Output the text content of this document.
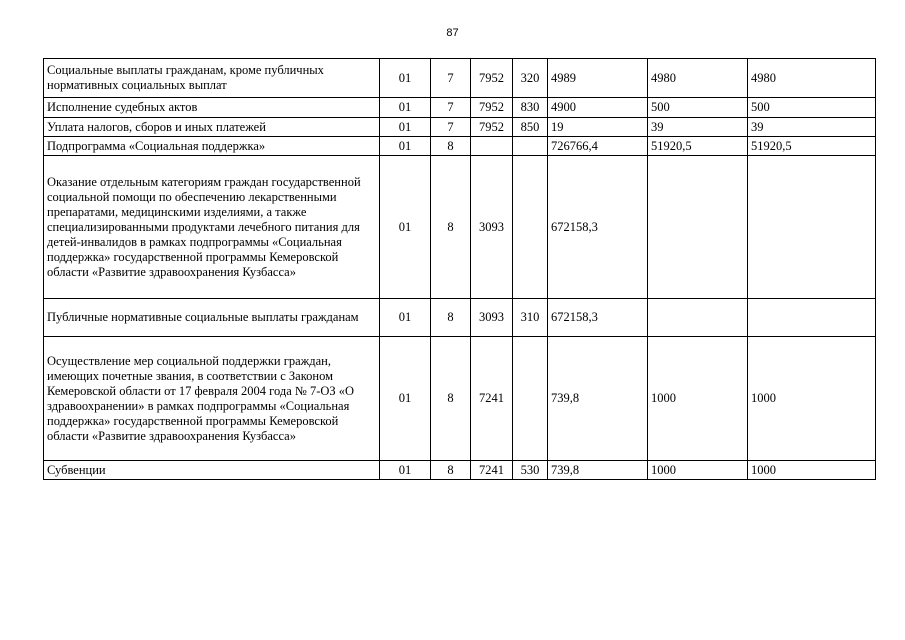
87
Социальные выплаты гражданам, кроме публичных нормативных социальных выплат	01	7	7952	320	4989	4980	4980
Исполнение судебных актов	01	7	7952	830	4900	500	500
Уплата налогов, сборов и иных платежей	01	7	7952	850	19	39	39
Подпрограмма «Социальная поддержка»	01	8			726766,4	51920,5	51920,5
Оказание отдельным категориям граждан государственной социальной помощи по обеспечению лекарственными препаратами, медицинскими изделиями, а также специализированными продуктами лечебного питания для детей-инвалидов в рамках подпрограммы «Социальная поддержка» государственной программы Кемеровской области «Развитие здравоохранения Кузбасса»	01	8	3093		672158,3		
Публичные нормативные социальные выплаты гражданам	01	8	3093	310	672158,3		
Осуществление мер социальной поддержки граждан, имеющих почетные звания, в соответствии с Законом Кемеровской области от 17 февраля 2004 года № 7-ОЗ «О здравоохранении» в рамках подпрограммы «Социальная поддержка» государственной программы Кемеровской области «Развитие здравоохранения Кузбасса»	01	8	7241		739,8	1000	1000
Субвенции	01	8	7241	530	739,8	1000	1000
